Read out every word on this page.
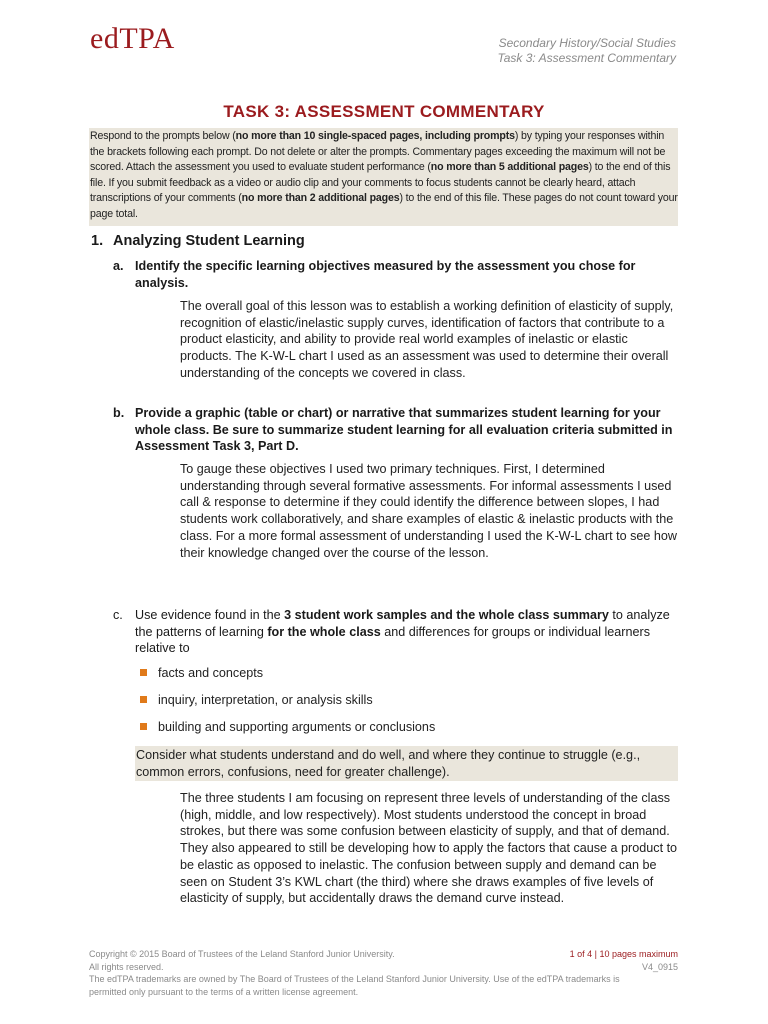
edTPA	Secondary History/Social Studies
Task 3: Assessment Commentary
TASK 3: ASSESSMENT COMMENTARY
Respond to the prompts below (no more than 10 single-spaced pages, including prompts) by typing your responses within the brackets following each prompt. Do not delete or alter the prompts. Commentary pages exceeding the maximum will not be scored. Attach the assessment you used to evaluate student performance (no more than 5 additional pages) to the end of this file. If you submit feedback as a video or audio clip and your comments to focus students cannot be clearly heard, attach transcriptions of your comments (no more than 2 additional pages) to the end of this file. These pages do not count toward your page total.
1. Analyzing Student Learning
a. Identify the specific learning objectives measured by the assessment you chose for analysis.
The overall goal of this lesson was to establish a working definition of elasticity of supply, recognition of elastic/inelastic supply curves, identification of factors that contribute to a product elasticity, and ability to provide real world examples of inelastic or elastic products. The K-W-L chart I used as an assessment was used to determine their overall understanding of the concepts we covered in class.
b. Provide a graphic (table or chart) or narrative that summarizes student learning for your whole class. Be sure to summarize student learning for all evaluation criteria submitted in Assessment Task 3, Part D.
To gauge these objectives I used two primary techniques. First, I determined understanding through several formative assessments. For informal assessments I used call & response to determine if they could identify the difference between slopes, I had students work collaboratively, and share examples of elastic & inelastic products with the class. For a more formal assessment of understanding I used the K-W-L chart to see how their knowledge changed over the course of the lesson.
c. Use evidence found in the 3 student work samples and the whole class summary to analyze the patterns of learning for the whole class and differences for groups or individual learners relative to
facts and concepts
inquiry, interpretation, or analysis skills
building and supporting arguments or conclusions
Consider what students understand and do well, and where they continue to struggle (e.g., common errors, confusions, need for greater challenge).
The three students I am focusing on represent three levels of understanding of the class (high, middle, and low respectively). Most students understood the concept in broad strokes, but there was some confusion between elasticity of supply, and that of demand. They also appeared to still be developing how to apply the factors that cause a product to be elastic as opposed to inelastic. The confusion between supply and demand can be seen on Student 3’s KWL chart (the third) where she draws examples of five levels of elasticity of supply, but accidentally draws the demand curve instead.
Copyright © 2015 Board of Trustees of the Leland Stanford Junior University.
All rights reserved.
The edTPA trademarks are owned by The Board of Trustees of the Leland Stanford Junior University. Use of the edTPA trademarks is permitted only pursuant to the terms of a written license agreement.
1 of 4 | 10 pages maximum
V4_0915
